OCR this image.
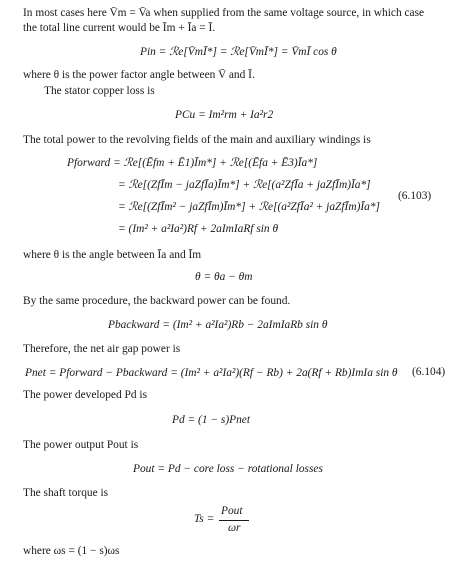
In most cases here V̄m = V̄a when supplied from the same voltage source, in which case
the total line current would be Īm + Īa = Ī.
Pin = ℛe[V̄mĪ*] = ℛe[V̄mĪ*] = V̄mĪ cos θ
where θ is the power factor angle between V̄ and Ī.
The stator copper loss is
PCu = Im²rm + Ia²r2
The total power to the revolving fields of the main and auxiliary windings is
Pforward = ℛe[(Ēfm + Ē1)Īm*] + ℛe[(Ēfa + Ē3)Īa*]
= ℛe[(ZfĪm − jaZfĪa)Īm*] + ℛe[(a²ZfĪa + jaZfĪm)Īa*]
= ℛe[(ZfĪm² − jaZfĪm)Īm*] + ℛe[(a²ZfĪa² + jaZfĪm)Īa*]
= (Im² + a²Ia²)Rf + 2aImIaRf sin θ
(6.103)
where θ is the angle between Īa and Īm
θ = θa − θm
By the same procedure, the backward power can be found.
Pbackward = (Im² + a²Ia²)Rb − 2aImIaRb sin θ
Therefore, the net air gap power is
Pnet = Pforward − Pbackward = (Im² + a²Ia²)(Rf − Rb) + 2a(Rf + Rb)ImIa sin θ (6.104)
The power developed Pd is
Pd = (1 − s)Pnet
The power output Pout is
Pout = Pd − core loss − rotational losses
The shaft torque is
Ts =
Pout
ωr
where ωs = (1 − s)ωs
